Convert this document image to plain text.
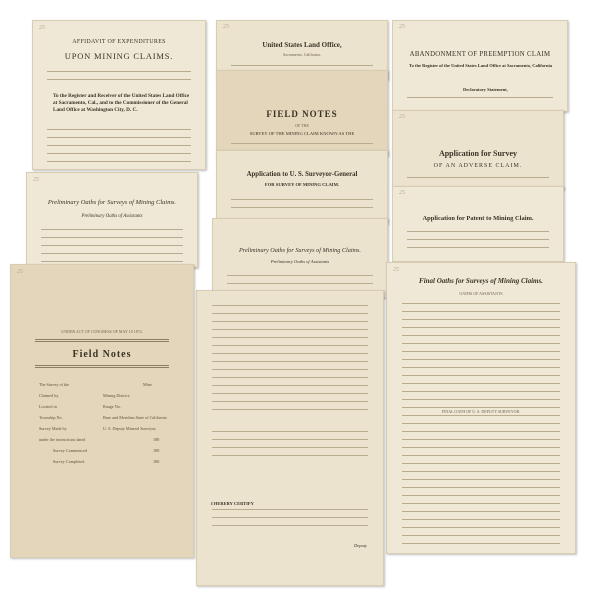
25
AFFIDAVIT OF EXPENDITURES
UPON MINING CLAIMS.
To the Register and Receiver of the United States Land Office at Sacramento, Cal., and to the Commissioner of the General Land Office at Washington City, D. C.
25
United States Land Office,
Sacramento, California,
25
ABANDONMENT OF PREEMPTION CLAIM
To the Register of the United States Land Office at Sacramento, California
Declaratory Statement,
FIELD NOTES
OF THE
SURVEY OF THE MINING CLAIM KNOWN AS THE
Application to U. S. Surveyor-General
FOR SURVEY OF MINING CLAIM.
25
Preliminary Oaths for Surveys of Mining Claims.
Preliminary Oaths of Assistants
25
Application for Survey
OF AN ADVERSE CLAIM.
25
Application for Patent to Mining Claim.
Preliminary Oaths for Surveys of Mining Claims.
Preliminary Oaths of Assistants
25
Final Oaths for Surveys of Mining Claims.
OATHS OF ASSISTANTS
FINAL OATH OF U. S. DEPUTY SURVEYOR.
25
UNDER ACT OF CONGRESS OF MAY 10 1872.
Field Notes
The Survey of the
Claimed by
Located in
Township No.
Survey Made by
under the instructions dated
Survey Commenced
Survey Completed
Mine
Mining District,
Range No.
Base and Meridian State of California
U. S. Deputy Mineral Surveyor,
188
188
188
I HEREBY CERTIFY
Deputy
